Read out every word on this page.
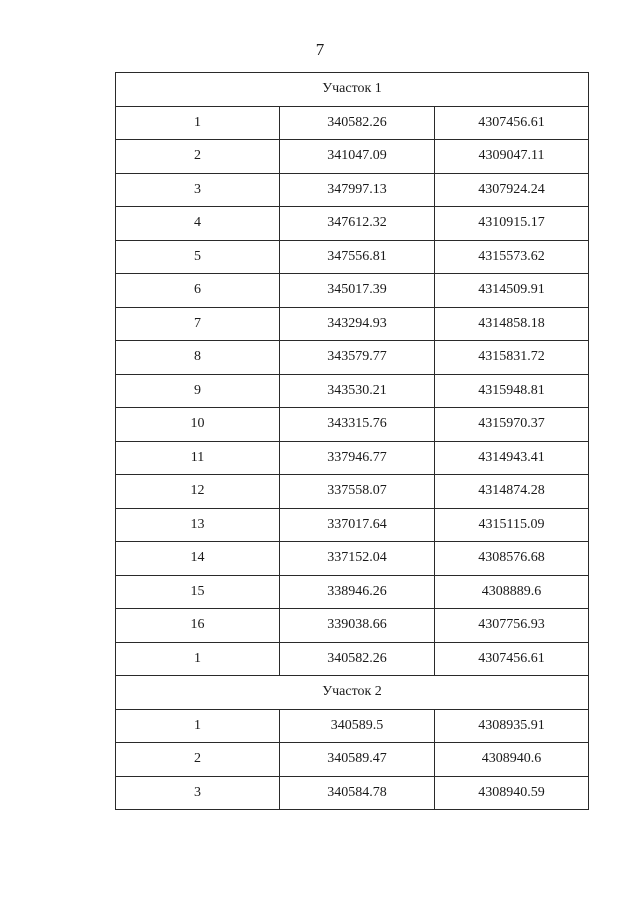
7
Участок 1		
1	340582.26	4307456.61
2	341047.09	4309047.11
3	347997.13	4307924.24
4	347612.32	4310915.17
5	347556.81	4315573.62
6	345017.39	4314509.91
7	343294.93	4314858.18
8	343579.77	4315831.72
9	343530.21	4315948.81
10	343315.76	4315970.37
11	337946.77	4314943.41
12	337558.07	4314874.28
13	337017.64	4315115.09
14	337152.04	4308576.68
15	338946.26	4308889.6
16	339038.66	4307756.93
1	340582.26	4307456.61
Участок 2		
1	340589.5	4308935.91
2	340589.47	4308940.6
3	340584.78	4308940.59
